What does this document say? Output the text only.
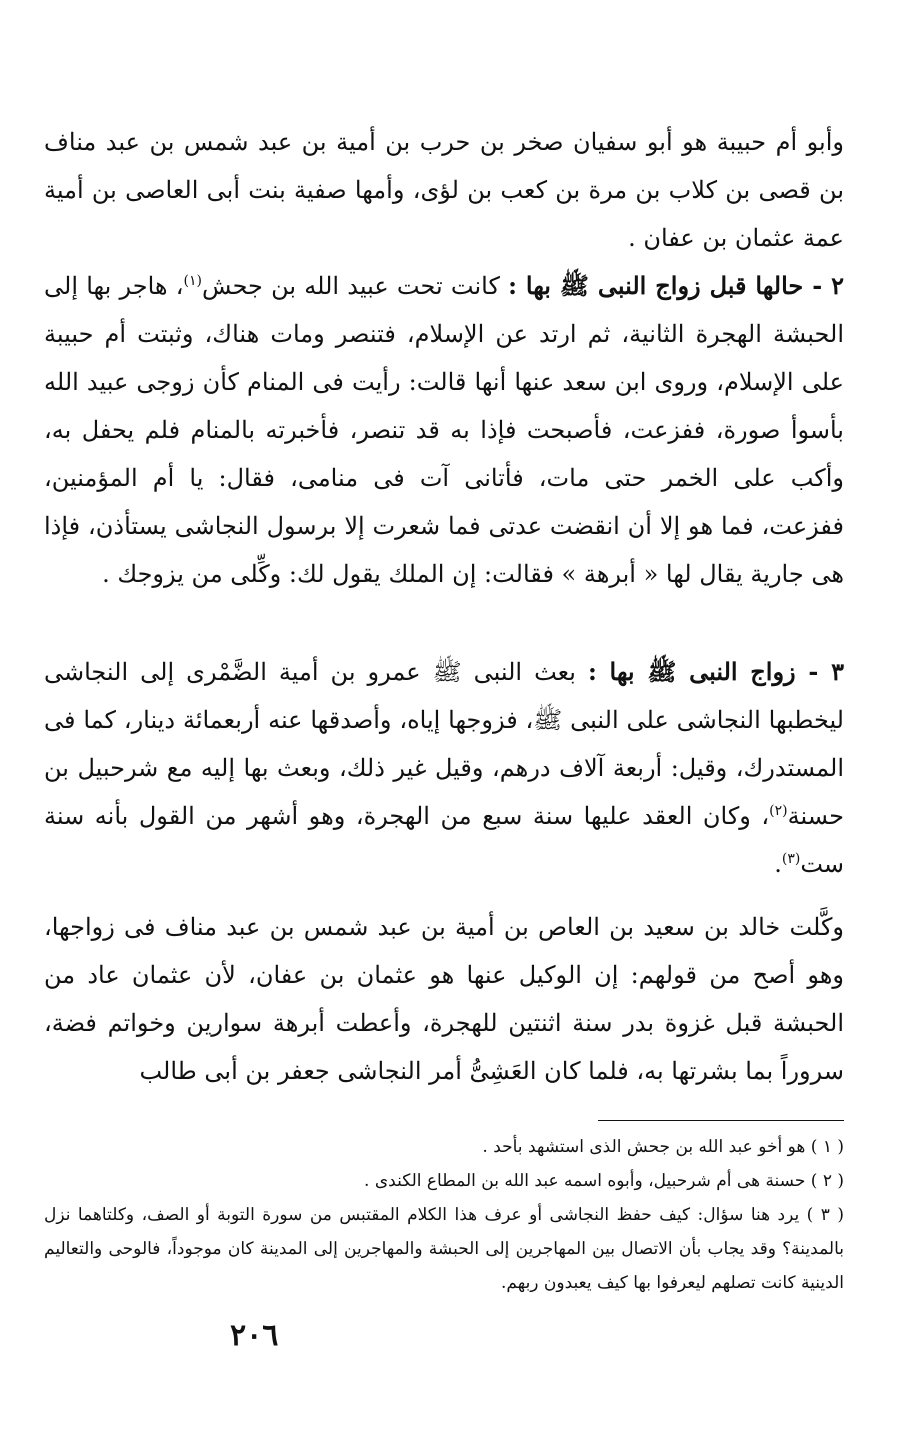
وأبو أم حبيبة هو أبو سفيان صخر بن حرب بن أمية بن عبد شمس بن عبد مناف بن قصى بن كلاب بن مرة بن كعب بن لؤى، وأمها صفية بنت أبى العاصى بن أمية عمة عثمان بن عفان .

٢ - حالها قبل زواج النبى ﷺ بها : كانت تحت عبيد الله بن جحش$^{(١)}$، هاجر بها إلى الحبشة الهجرة الثانية، ثم ارتد عن الإسلام، فتنصر ومات هناك، وثبتت أم حبيبة على الإسلام، وروى ابن سعد عنها أنها قالت: رأيت فى المنام كأن زوجى عبيد الله بأسوأ صورة، ففزعت، فأصبحت فإذا به قد تنصر، فأخبرته بالمنام فلم يحفل به، وأكب على الخمر حتى مات، فأتانى آت فى منامى، فقال: يا أم المؤمنين، ففزعت، فما هو إلا أن انقضت عدتى فما شعرت إلا برسول النجاشى يستأذن، فإذا هى جارية يقال لها « أبرهة » فقالت: إن الملك يقول لك: وكِّلى من يزوجك .

٣ - زواج النبى ﷺ بها : بعث النبى ﷺ عمرو بن أمية الضَّمْرى إلى النجاشى ليخطبها النجاشى على النبى ﷺ، فزوجها إياه، وأصدقها عنه أربعمائة دينار، كما فى المستدرك، وقيل: أربعة آلاف درهم، وقيل غير ذلك، وبعث بها إليه مع شرحبيل بن حسنة$^{(٢)}$، وكان العقد عليها سنة سبع من الهجرة، وهو أشهر من القول بأنه سنة ست$^{(٣)}$.

وكَّلت خالد بن سعيد بن العاص بن أمية بن عبد شمس بن عبد مناف فى زواجها، وهو أصح من قولهم: إن الوكيل عنها هو عثمان بن عفان، لأن عثمان عاد من الحبشة قبل غزوة بدر سنة اثنتين للهجرة، وأعطت أبرهة سوارين وخواتم فضة، سروراً بما بشرتها به، فلما كان العَشِىُّ أمر النجاشى جعفر بن أبى طالب

( ١ ) هو أخو عبد الله بن جحش الذى استشهد بأحد .
( ٢ ) حسنة هى أم شرحبيل، وأبوه اسمه عبد الله بن المطاع الكندى .
( ٣ ) يرد هنا سؤال: كيف حفظ النجاشى أو عرف هذا الكلام المقتبس من سورة التوبة أو الصف، وكلتاهما نزل بالمدينة؟ وقد يجاب بأن الاتصال بين المهاجرين إلى الحبشة والمهاجرين إلى المدينة كان موجوداً، فالوحى والتعاليم الدينية كانت تصلهم ليعرفوا بها كيف يعبدون ربهم.
٢٠٦
